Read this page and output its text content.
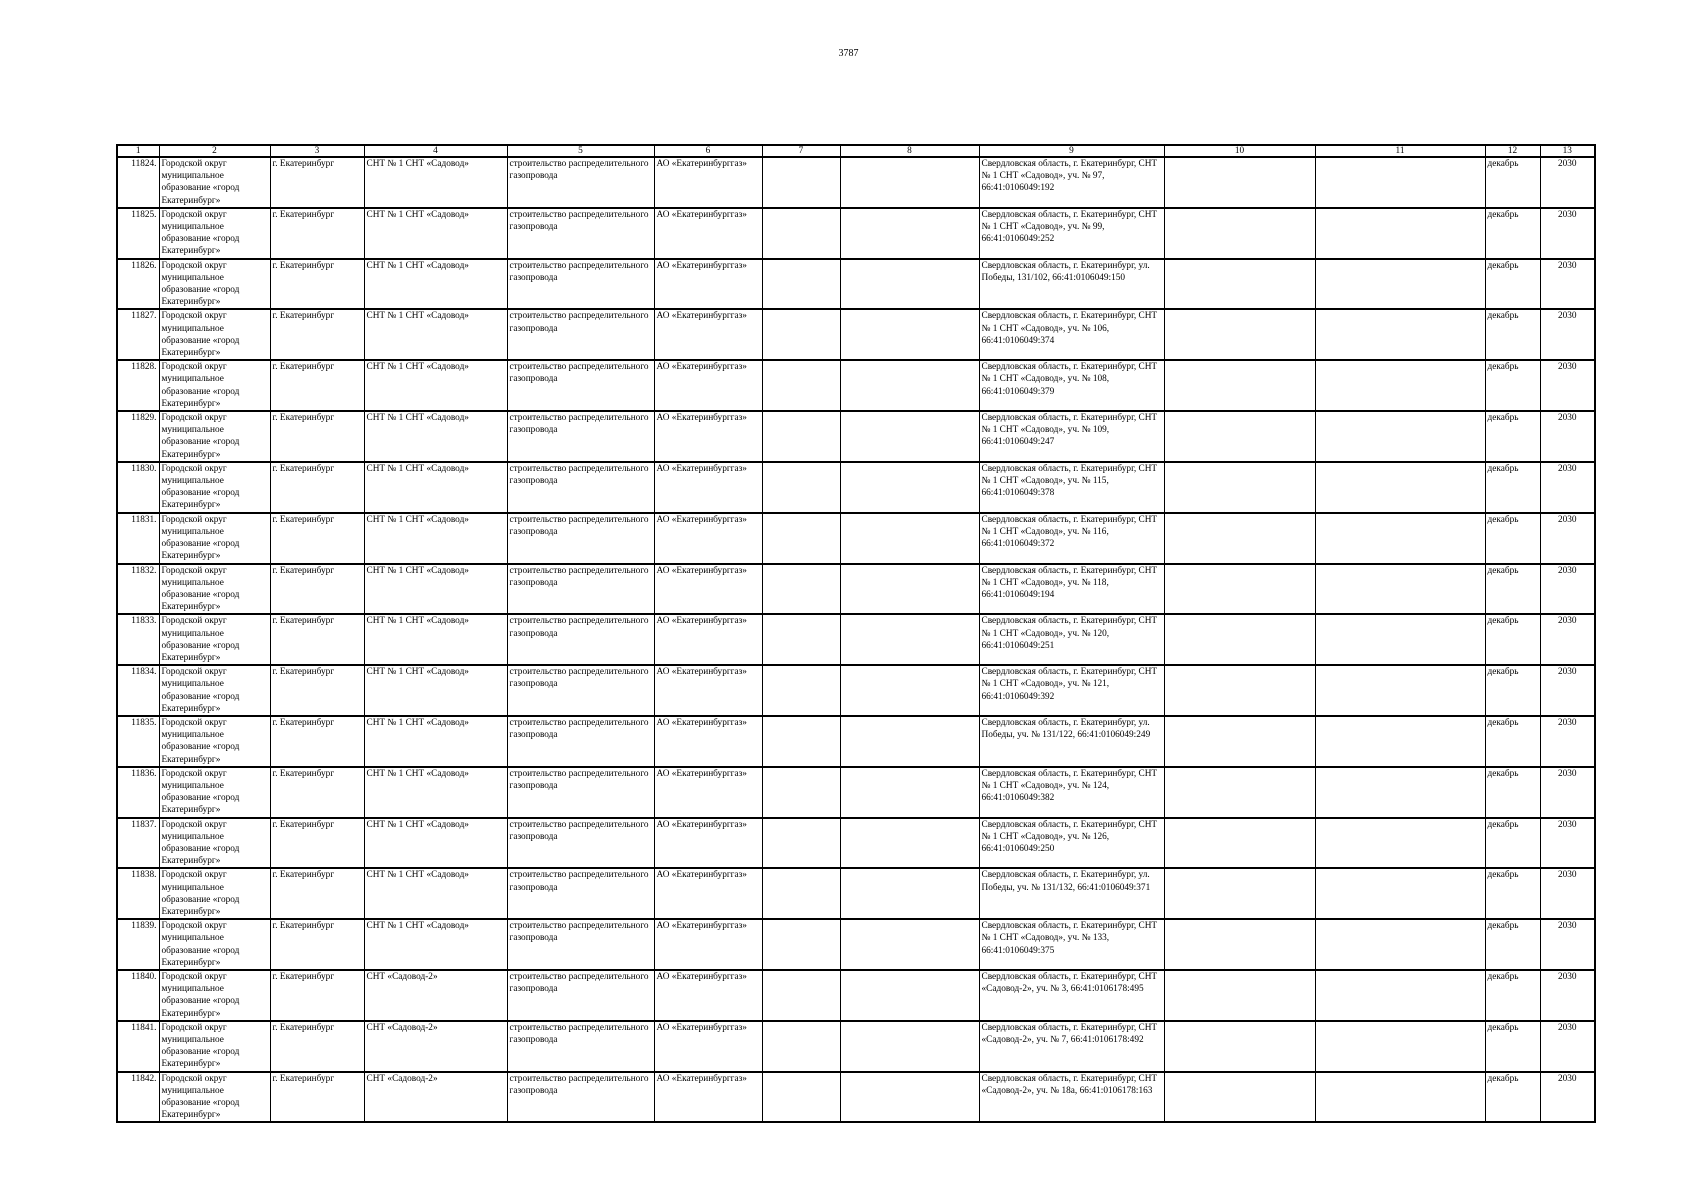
3787
1	2	3	4	5	6	7	8	9	10	11	12	13
11824.	Городской округ муниципальное образование «город Екатеринбург»	г. Екатеринбург	СНТ № 1 СНТ «Садовод»	строительство распределительного газопровода	АО «Екатеринбурггаз»			Свердловская область, г. Екатеринбург, СНТ № 1 СНТ «Садовод», уч. № 97, 66:41:0106049:192			декабрь	2030
11825.	Городской округ муниципальное образование «город Екатеринбург»	г. Екатеринбург	СНТ № 1 СНТ «Садовод»	строительство распределительного газопровода	АО «Екатеринбурггаз»			Свердловская область, г. Екатеринбург, СНТ № 1 СНТ «Садовод», уч. № 99, 66:41:0106049:252			декабрь	2030
11826.	Городской округ муниципальное образование «город Екатеринбург»	г. Екатеринбург	СНТ № 1 СНТ «Садовод»	строительство распределительного газопровода	АО «Екатеринбурггаз»			Свердловская область, г. Екатеринбург, ул. Победы, 131/102, 66:41:0106049:150			декабрь	2030
11827.	Городской округ муниципальное образование «город Екатеринбург»	г. Екатеринбург	СНТ № 1 СНТ «Садовод»	строительство распределительного газопровода	АО «Екатеринбурггаз»			Свердловская область, г. Екатеринбург, СНТ № 1 СНТ «Садовод», уч. № 106, 66:41:0106049:374			декабрь	2030
11828.	Городской округ муниципальное образование «город Екатеринбург»	г. Екатеринбург	СНТ № 1 СНТ «Садовод»	строительство распределительного газопровода	АО «Екатеринбурггаз»			Свердловская область, г. Екатеринбург, СНТ № 1 СНТ «Садовод», уч. № 108, 66:41:0106049:379			декабрь	2030
11829.	Городской округ муниципальное образование «город Екатеринбург»	г. Екатеринбург	СНТ № 1 СНТ «Садовод»	строительство распределительного газопровода	АО «Екатеринбурггаз»			Свердловская область, г. Екатеринбург, СНТ № 1 СНТ «Садовод», уч. № 109, 66:41:0106049:247			декабрь	2030
11830.	Городской округ муниципальное образование «город Екатеринбург»	г. Екатеринбург	СНТ № 1 СНТ «Садовод»	строительство распределительного газопровода	АО «Екатеринбурггаз»			Свердловская область, г. Екатеринбург, СНТ № 1 СНТ «Садовод», уч. № 115, 66:41:0106049:378			декабрь	2030
11831.	Городской округ муниципальное образование «город Екатеринбург»	г. Екатеринбург	СНТ № 1 СНТ «Садовод»	строительство распределительного газопровода	АО «Екатеринбурггаз»			Свердловская область, г. Екатеринбург, СНТ № 1 СНТ «Садовод», уч. № 116, 66:41:0106049:372			декабрь	2030
11832.	Городской округ муниципальное образование «город Екатеринбург»	г. Екатеринбург	СНТ № 1 СНТ «Садовод»	строительство распределительного газопровода	АО «Екатеринбурггаз»			Свердловская область, г. Екатеринбург, СНТ № 1 СНТ «Садовод», уч. № 118, 66:41:0106049:194			декабрь	2030
11833.	Городской округ муниципальное образование «город Екатеринбург»	г. Екатеринбург	СНТ № 1 СНТ «Садовод»	строительство распределительного газопровода	АО «Екатеринбурггаз»			Свердловская область, г. Екатеринбург, СНТ № 1 СНТ «Садовод», уч. № 120, 66:41:0106049:251			декабрь	2030
11834.	Городской округ муниципальное образование «город Екатеринбург»	г. Екатеринбург	СНТ № 1 СНТ «Садовод»	строительство распределительного газопровода	АО «Екатеринбурггаз»			Свердловская область, г. Екатеринбург, СНТ № 1 СНТ «Садовод», уч. № 121, 66:41:0106049:392			декабрь	2030
11835.	Городской округ муниципальное образование «город Екатеринбург»	г. Екатеринбург	СНТ № 1 СНТ «Садовод»	строительство распределительного газопровода	АО «Екатеринбурггаз»			Свердловская область, г. Екатеринбург, ул. Победы, уч. № 131/122, 66:41:0106049:249			декабрь	2030
11836.	Городской округ муниципальное образование «город Екатеринбург»	г. Екатеринбург	СНТ № 1 СНТ «Садовод»	строительство распределительного газопровода	АО «Екатеринбурггаз»			Свердловская область, г. Екатеринбург, СНТ № 1 СНТ «Садовод», уч. № 124, 66:41:0106049:382			декабрь	2030
11837.	Городской округ муниципальное образование «город Екатеринбург»	г. Екатеринбург	СНТ № 1 СНТ «Садовод»	строительство распределительного газопровода	АО «Екатеринбурггаз»			Свердловская область, г. Екатеринбург, СНТ № 1 СНТ «Садовод», уч. № 126, 66:41:0106049:250			декабрь	2030
11838.	Городской округ муниципальное образование «город Екатеринбург»	г. Екатеринбург	СНТ № 1 СНТ «Садовод»	строительство распределительного газопровода	АО «Екатеринбурггаз»			Свердловская область, г. Екатеринбург, ул. Победы, уч. № 131/132, 66:41:0106049:371			декабрь	2030
11839.	Городской округ муниципальное образование «город Екатеринбург»	г. Екатеринбург	СНТ № 1 СНТ «Садовод»	строительство распределительного газопровода	АО «Екатеринбурггаз»			Свердловская область, г. Екатеринбург, СНТ № 1 СНТ «Садовод», уч. № 133, 66:41:0106049:375			декабрь	2030
11840.	Городской округ муниципальное образование «город Екатеринбург»	г. Екатеринбург	СНТ «Садовод-2»	строительство распределительного газопровода	АО «Екатеринбурггаз»			Свердловская область, г. Екатеринбург, СНТ «Садовод-2», уч. № 3, 66:41:0106178:495			декабрь	2030
11841.	Городской округ муниципальное образование «город Екатеринбург»	г. Екатеринбург	СНТ «Садовод-2»	строительство распределительного газопровода	АО «Екатеринбурггаз»			Свердловская область, г. Екатеринбург, СНТ «Садовод-2», уч. № 7, 66:41:0106178:492			декабрь	2030
11842.	Городской округ муниципальное образование «город Екатеринбург»	г. Екатеринбург	СНТ «Садовод-2»	строительство распределительного газопровода	АО «Екатеринбурггаз»			Свердловская область, г. Екатеринбург, СНТ «Садовод-2», уч. № 18а, 66:41:0106178:163			декабрь	2030
